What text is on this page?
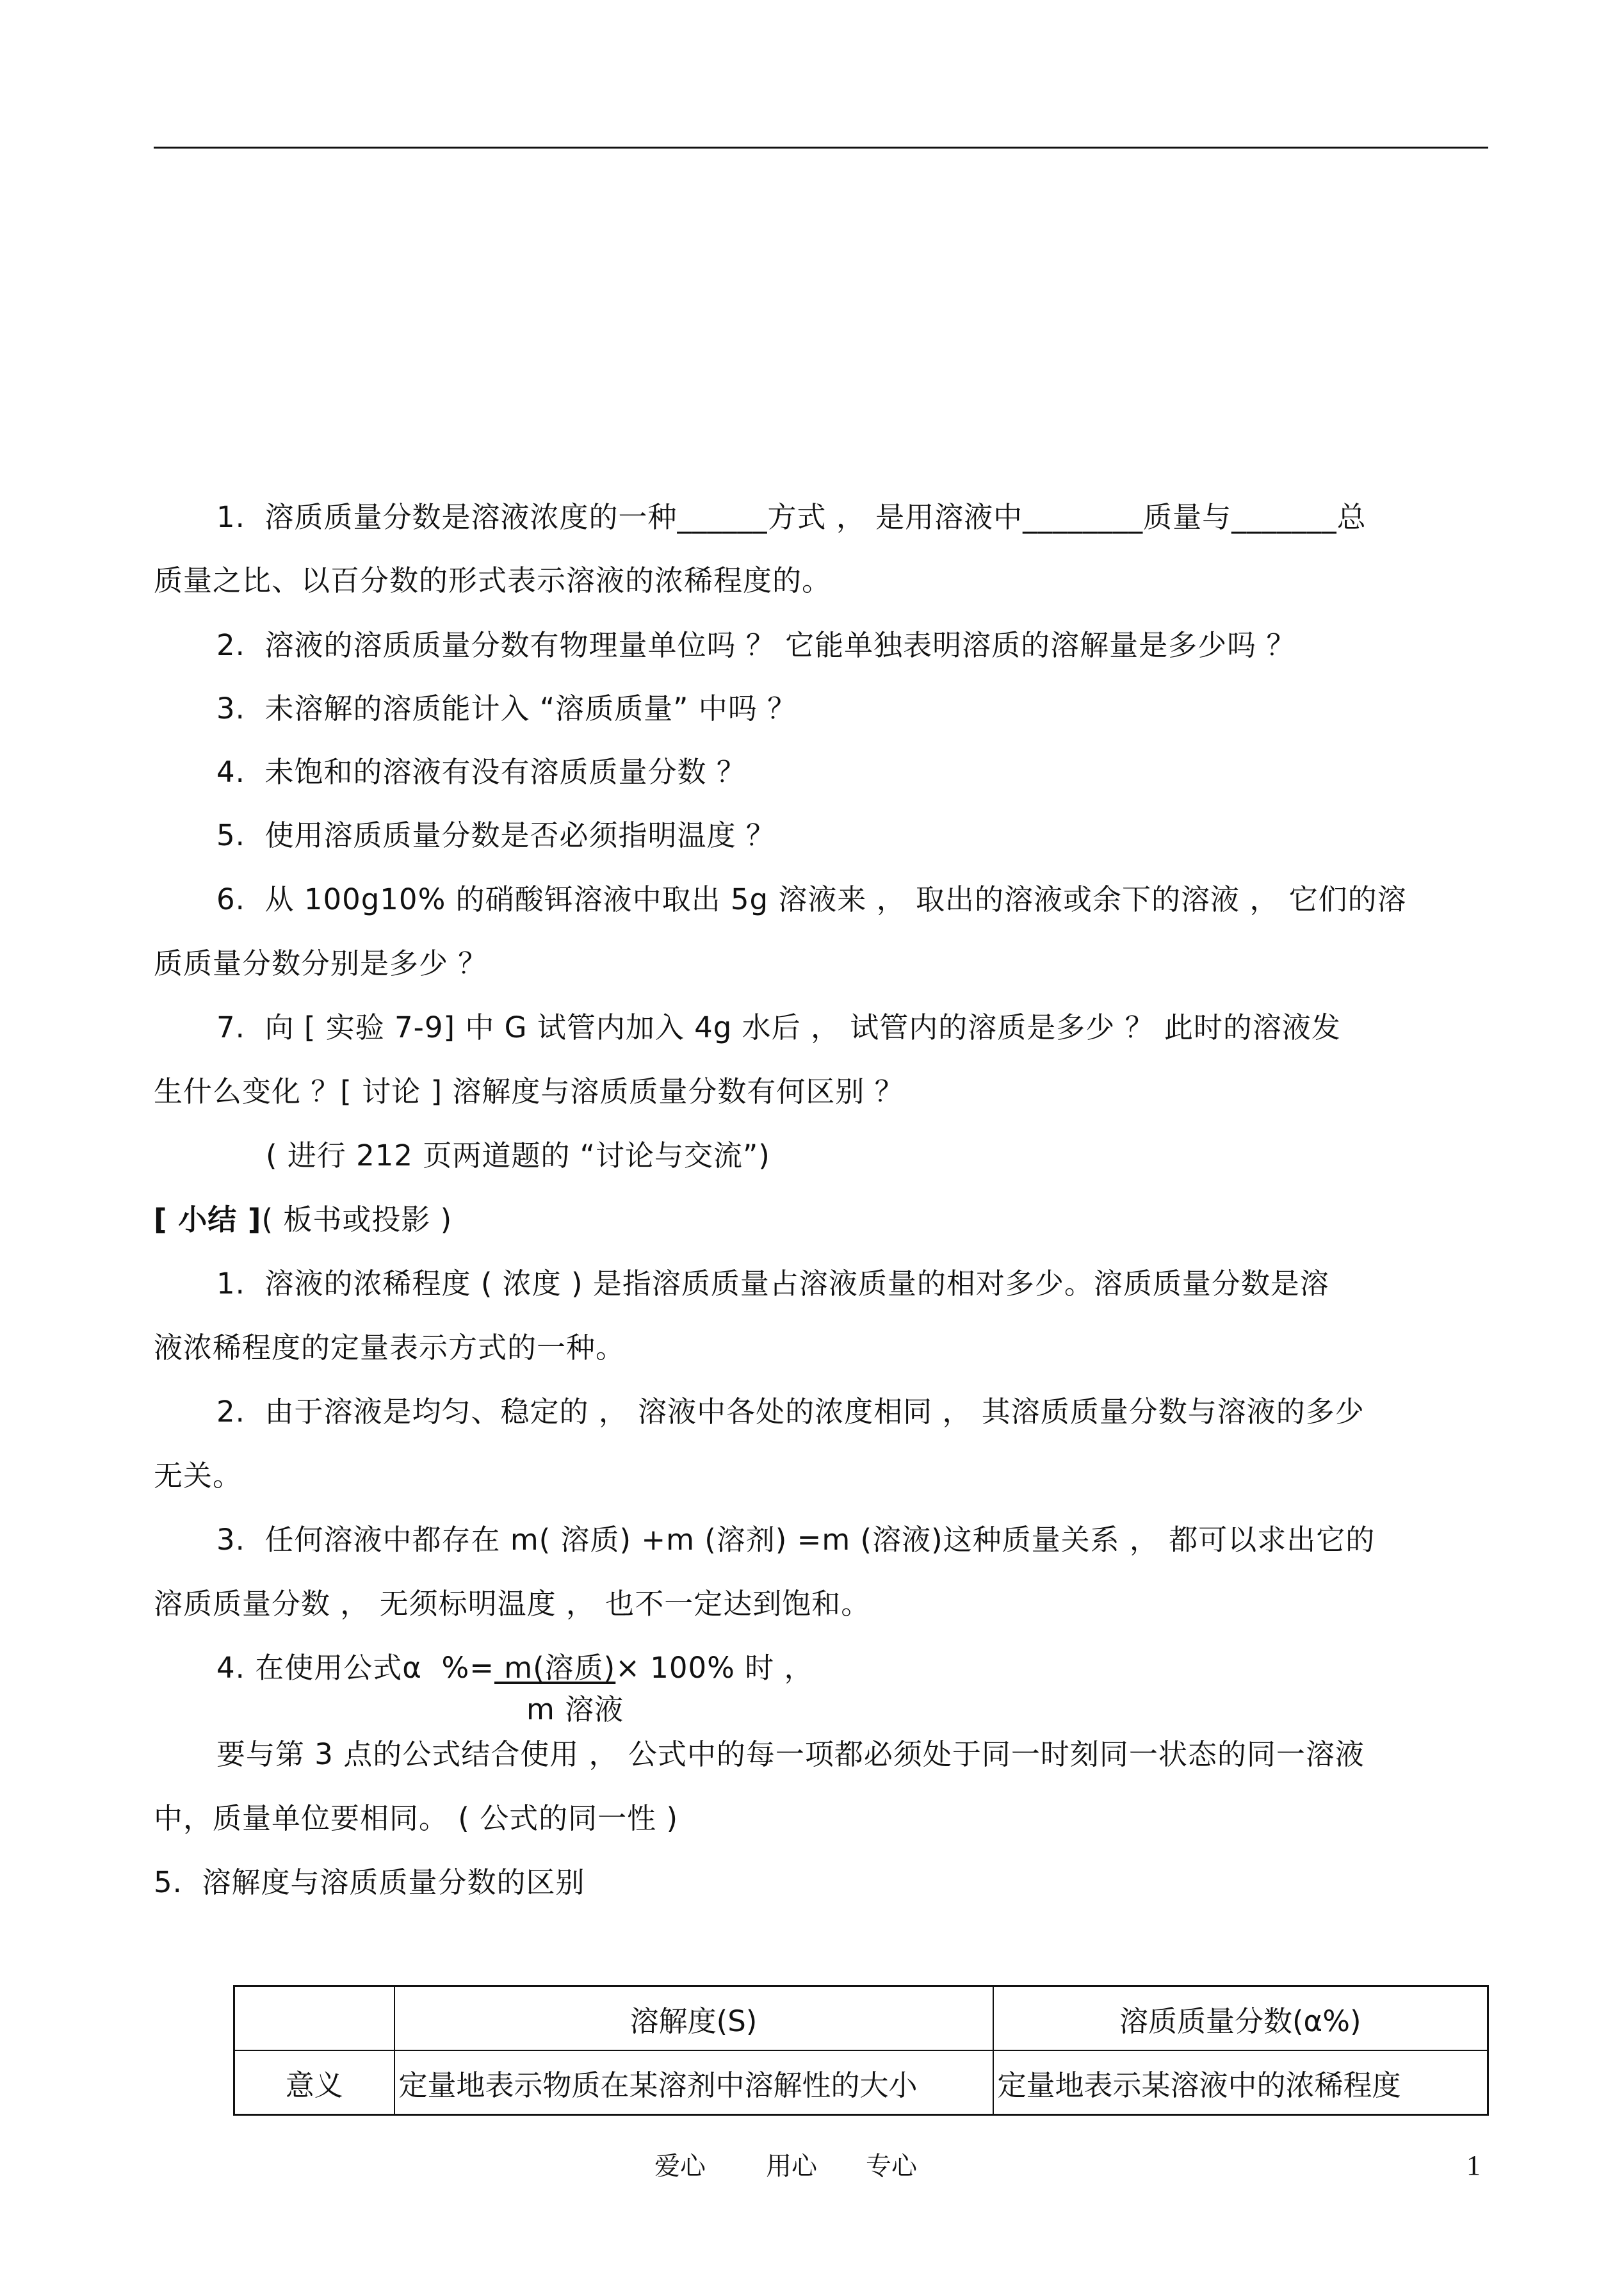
1.  溶质质量分数是溶液浓度的一种______方式 ， 是用溶液中________质量与_______总
质量之比、以百分数的形式表示溶液的浓稀程度的。
2.  溶液的溶质质量分数有物理量单位吗 ？ 它能单独表明溶质的溶解量是多少吗 ？
3.  未溶解的溶质能计入 “溶质质量” 中吗 ？
4.  未饱和的溶液有没有溶质质量分数 ？
5.  使用溶质质量分数是否必须指明温度 ？
6.  从 100g10% 的硝酸铒溶液中取出 5g 溶液来 ， 取出的溶液或余下的溶液 ， 它们的溶
质质量分数分别是多少 ？
7.  向 [ 实验 7-9] 中 G 试管内加入 4g 水后 ， 试管内的溶质是多少 ？ 此时的溶液发
生什么变化 ？[ 讨论 ] 溶解度与溶质质量分数有何区别 ？
( 进行 212 页两道题的 “讨论与交流”)
[ 小结 ]( 板书或投影 )
1.  溶液的浓稀程度 ( 浓度 ) 是指溶质质量占溶液质量的相对多少。溶质质量分数是溶
液浓稀程度的定量表示方式的一种。
2.  由于溶液是均匀、稳定的 ， 溶液中各处的浓度相同 ， 其溶质质量分数与溶液的多少
无关。
3.  任何溶液中都存在 m( 溶质) +m (溶剂) =m (溶液)这种质量关系 ， 都可以求出它的
溶质质量分数 ， 无须标明温度 ， 也不一定达到饱和。
4. 在使用公式α  %= m(溶质)× 100% 时 ，
m 溶液
要与第 3 点的公式结合使用 ， 公式中的每一项都必须处于同一时刻同一状态的同一溶液
中，质量单位要相同。 ( 公式的同一性 )
5.  溶解度与溶质质量分数的区别
	溶解度(S)	溶质质量分数(α%)
意义	定量地表示物质在某溶剂中溶解性的大小	定量地表示某溶液中的浓稀程度
爱心 用心 专心	1
